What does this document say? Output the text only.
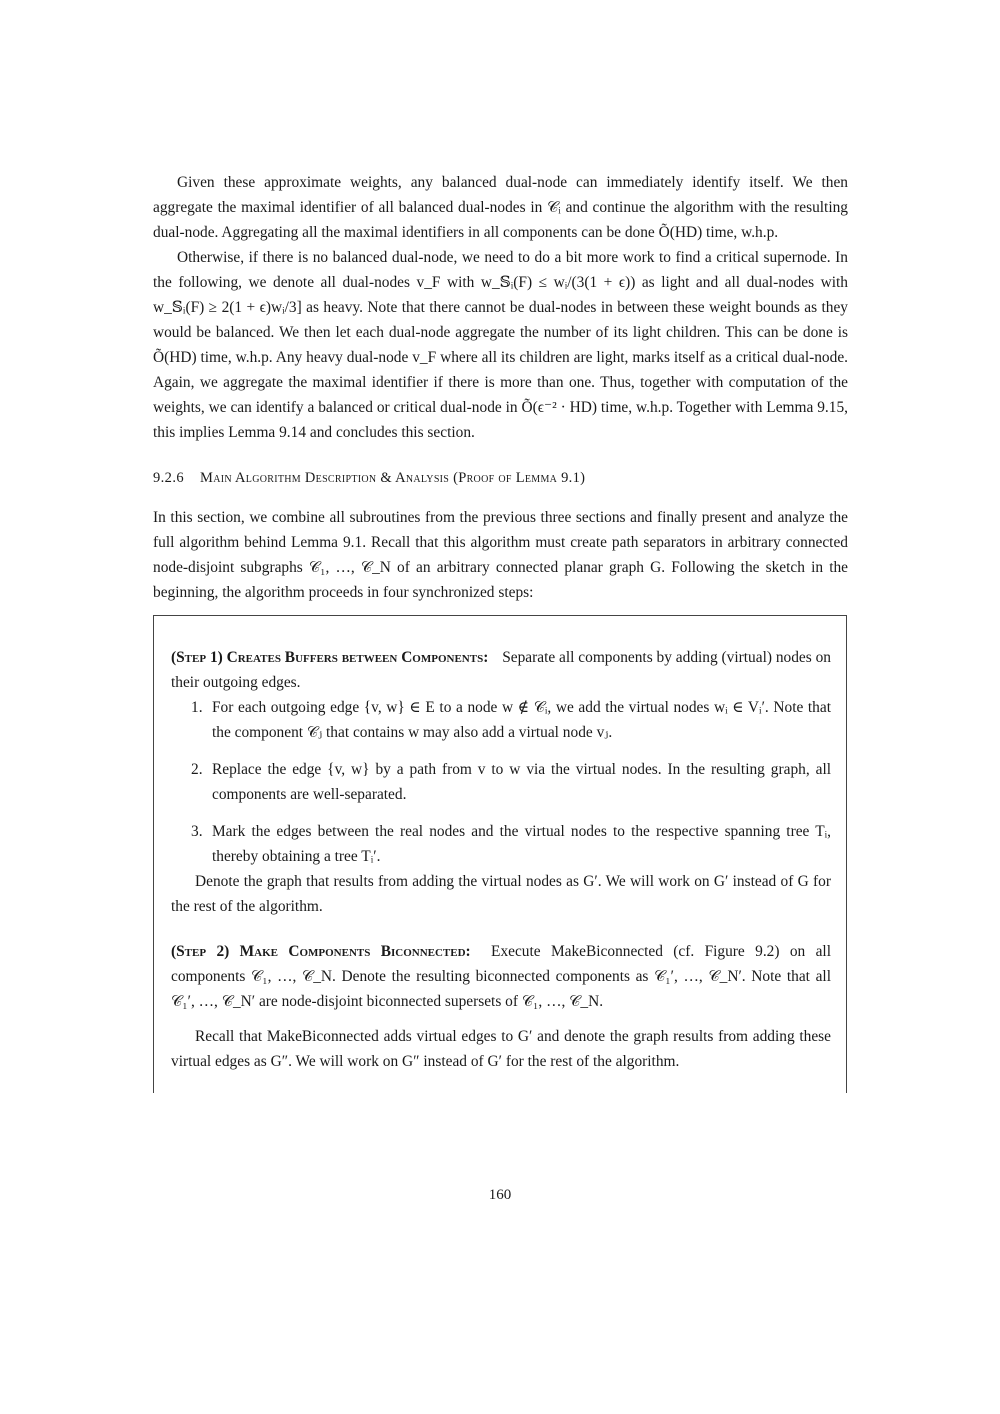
Given these approximate weights, any balanced dual-node can immediately identify itself. We then aggregate the maximal identifier of all balanced dual-nodes in 𝒞ᵢ and continue the algorithm with the resulting dual-node. Aggregating all the maximal identifiers in all components can be done Õ(HD) time, w.h.p.

Otherwise, if there is no balanced dual-node, we need to do a bit more work to find a critical supernode. In the following, we denote all dual-nodes v_F with w_𝕊ᵢ(F) ≤ wᵢ/(3(1 + ϵ)) as light and all dual-nodes with w_𝕊ᵢ(F) ≥ 2(1 + ϵ)wᵢ/3] as heavy. Note that there cannot be dual-nodes in between these weight bounds as they would be balanced. We then let each dual-node aggregate the number of its light children. This can be done is Õ(HD) time, w.h.p. Any heavy dual-node v_F where all its children are light, marks itself as a critical dual-node. Again, we aggregate the maximal identifier if there is more than one. Thus, together with computation of the weights, we can identify a balanced or critical dual-node in Õ(ϵ⁻² · HD) time, w.h.p. Together with Lemma 9.15, this implies Lemma 9.14 and concludes this section.

9.2.6 Main Algorithm Description & Analysis (Proof of Lemma 9.1)

In this section, we combine all subroutines from the previous three sections and finally present and analyze the full algorithm behind Lemma 9.1. Recall that this algorithm must create path separators in arbitrary connected node-disjoint subgraphs 𝒞₁, …, 𝒞_N of an arbitrary connected planar graph G. Following the sketch in the beginning, the algorithm proceeds in four synchronized steps:

(Step 1) Creates Buffers between Components: Separate all components by adding (virtual) nodes on their outgoing edges.

1. For each outgoing edge {v, w} ∈ E to a node w ∉ 𝒞ᵢ, we add the virtual nodes wᵢ ∈ Vᵢ′. Note that the component 𝒞ⱼ that contains w may also add a virtual node vⱼ.
2. Replace the edge {v, w} by a path from v to w via the virtual nodes. In the resulting graph, all components are well-separated.
3. Mark the edges between the real nodes and the virtual nodes to the respective spanning tree Tᵢ, thereby obtaining a tree Tᵢ′.

Denote the graph that results from adding the virtual nodes as G′. We will work on G′ instead of G for the rest of the algorithm.

(Step 2) Make Components Biconnected: Execute MakeBiconnected (cf. Figure 9.2) on all components 𝒞₁, …, 𝒞_N. Denote the resulting biconnected components as 𝒞₁′, …, 𝒞_N′. Note that all 𝒞₁′, …, 𝒞_N′ are node-disjoint biconnected supersets of 𝒞₁, …, 𝒞_N.

Recall that MakeBiconnected adds virtual edges to G′ and denote the graph results from adding these virtual edges as G″. We will work on G″ instead of G′ for the rest of the algorithm.

160
